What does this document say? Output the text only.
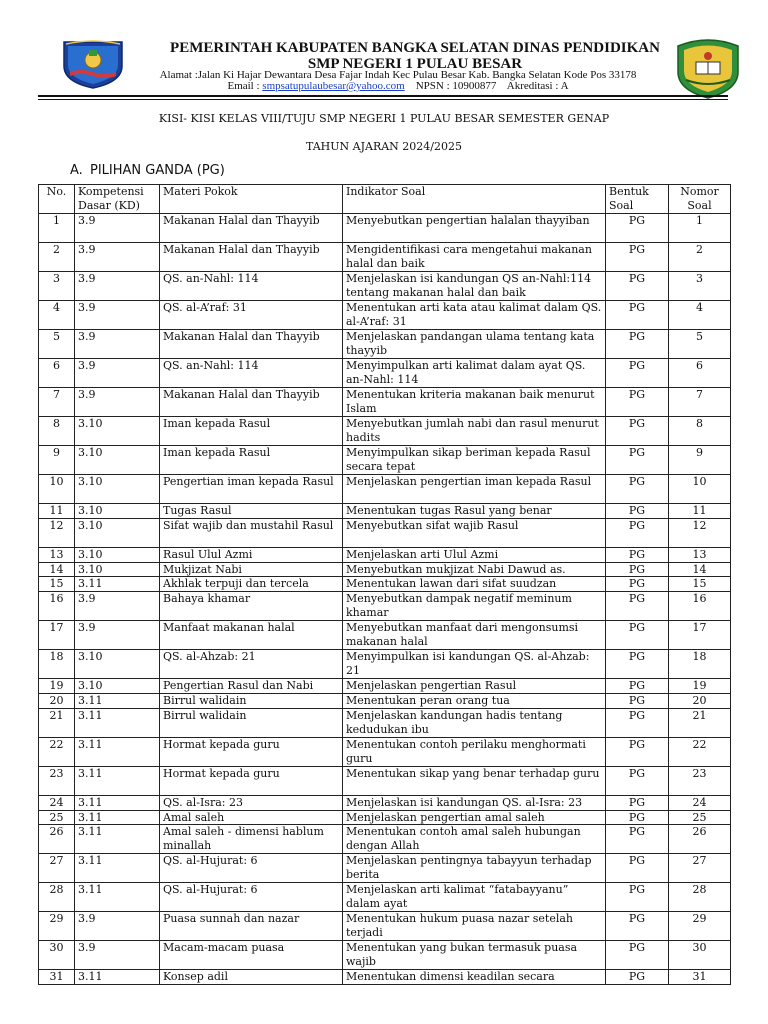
PEMERINTAH KABUPATEN BANGKA SELATAN DINAS PENDIDIKAN
SMP NEGERI 1 PULAU BESAR
Alamat :Jalan Ki Hajar Dewantara Desa Fajar Indah Kec Pulau Besar Kab. Bangka Selatan Kode Pos 33178
Email : smpsatupulaubesar@yahoo.com NPSN : 10900877 Akreditasi : A
KISI- KISI KELAS VIII/TUJU SMP NEGERI 1 PULAU BESAR SEMESTER GENAP
TAHUN AJARAN 2024/2025
A. PILIHAN GANDA (PG)
No.	Kompetensi Dasar (KD)	Materi Pokok	Indikator Soal	Bentuk Soal	Nomor Soal
1	3.9	Makanan Halal dan Thayyib	Menyebutkan pengertian halalan thayyiban	PG	1
2	3.9	Makanan Halal dan Thayyib	Mengidentifikasi cara mengetahui makanan halal dan baik	PG	2
3	3.9	QS. an-Nahl: 114	Menjelaskan isi kandungan QS an-Nahl:114 tentang makanan halal dan baik	PG	3
4	3.9	QS. al-A’raf: 31	Menentukan arti kata atau kalimat dalam QS. al-A’raf: 31	PG	4
5	3.9	Makanan Halal dan Thayyib	Menjelaskan pandangan ulama tentang kata thayyib	PG	5
6	3.9	QS. an-Nahl: 114	Menyimpulkan arti kalimat dalam ayat QS. an-Nahl: 114	PG	6
7	3.9	Makanan Halal dan Thayyib	Menentukan kriteria makanan baik menurut Islam	PG	7
8	3.10	Iman kepada Rasul	Menyebutkan jumlah nabi dan rasul menurut hadits	PG	8
9	3.10	Iman kepada Rasul	Menyimpulkan sikap beriman kepada Rasul secara tepat	PG	9
10	3.10	Pengertian iman kepada Rasul	Menjelaskan pengertian iman kepada Rasul	PG	10
11	3.10	Tugas Rasul	Menentukan tugas Rasul yang benar	PG	11
12	3.10	Sifat wajib dan mustahil Rasul	Menyebutkan sifat wajib Rasul	PG	12
13	3.10	Rasul Ulul Azmi	Menjelaskan arti Ulul Azmi	PG	13
14	3.10	Mukjizat Nabi	Menyebutkan mukjizat Nabi Dawud as.	PG	14
15	3.11	Akhlak terpuji dan tercela	Menentukan lawan dari sifat suudzan	PG	15
16	3.9	Bahaya khamar	Menyebutkan dampak negatif meminum khamar	PG	16
17	3.9	Manfaat makanan halal	Menyebutkan manfaat dari mengonsumsi makanan halal	PG	17
18	3.10	QS. al-Ahzab: 21	Menyimpulkan isi kandungan QS. al-Ahzab: 21	PG	18
19	3.10	Pengertian Rasul dan Nabi	Menjelaskan pengertian Rasul	PG	19
20	3.11	Birrul walidain	Menentukan peran orang tua	PG	20
21	3.11	Birrul walidain	Menjelaskan kandungan hadis tentang kedudukan ibu	PG	21
22	3.11	Hormat kepada guru	Menentukan contoh perilaku menghormati guru	PG	22
23	3.11	Hormat kepada guru	Menentukan sikap yang benar terhadap guru	PG	23
24	3.11	QS. al-Isra: 23	Menjelaskan isi kandungan QS. al-Isra: 23	PG	24
25	3.11	Amal saleh	Menjelaskan pengertian amal saleh	PG	25
26	3.11	Amal saleh - dimensi hablum minallah	Menentukan contoh amal saleh hubungan dengan Allah	PG	26
27	3.11	QS. al-Hujurat: 6	Menjelaskan pentingnya tabayyun terhadap berita	PG	27
28	3.11	QS. al-Hujurat: 6	Menjelaskan arti kalimat “fatabayyanu” dalam ayat	PG	28
29	3.9	Puasa sunnah dan nazar	Menentukan hukum puasa nazar setelah terjadi	PG	29
30	3.9	Macam-macam puasa	Menentukan yang bukan termasuk puasa wajib	PG	30
31	3.11	Konsep adil	Menentukan dimensi keadilan secara	PG	31
